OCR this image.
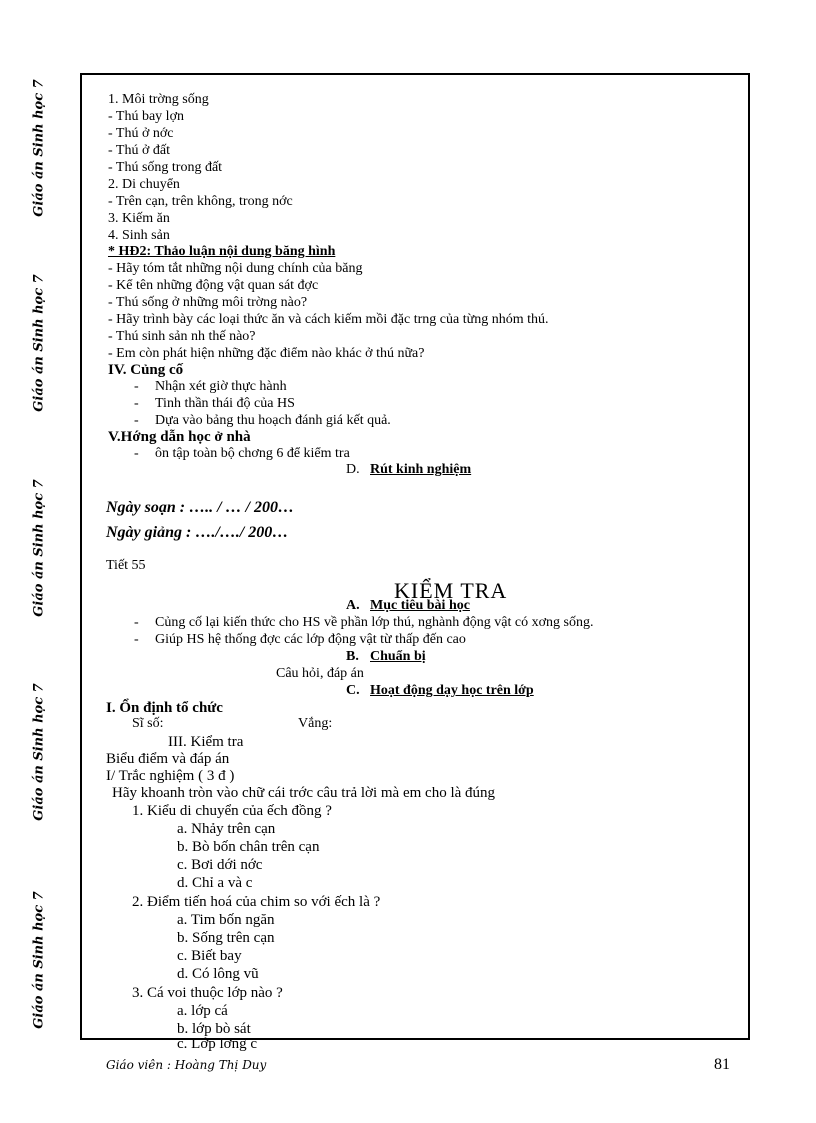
Giáo án Sinh học 7
Giáo án Sinh học 7
Giáo án Sinh học 7
Giáo án Sinh học 7
Giáo án Sinh học 7
1. Môi trờng sống
- Thú bay lợn
- Thú ở nớc
- Thú ở đất
- Thú sống trong đất
2. Di chuyển
- Trên cạn, trên không, trong nớc
3. Kiếm ăn
4. Sinh sản
* HĐ2: Thảo luận nội dung băng hình
- Hãy tóm tắt những nội dung chính của băng
- Kể tên những động vật quan sát đợc
- Thú sống ở những môi trờng nào?
- Hãy trình bày các loại thức ăn và cách kiếm mồi đặc trng của từng nhóm thú.
- Thú sinh sản nh thế nào?
- Em còn phát hiện những đặc điểm nào khác ở thú nữa?
IV. Củng cố
- Nhận xét giờ thực hành
- Tinh thần thái độ của HS
- Dựa vào bảng thu hoạch đánh giá kết quả.
V.Hớng dẫn học ở nhà
- ôn tập toàn bộ chơng 6 để kiểm tra
D. Rút kinh nghiệm
Ngày soạn : ….. / … / 200…
Ngày giảng : …./…./ 200…
Tiết 55
KIỂM TRA
A. Mục tiêu bài học
- Củng cố lại kiến thức cho HS về phần lớp thú, nghành động vật có xơng sống.
- Giúp HS hệ thống đợc các lớp động vật từ thấp đến cao
B. Chuẩn bị
Câu hỏi, đáp án
C. Hoạt động dạy học trên lớp
I. Ổn định tổ chức
Sĩ số:	Vắng:
III. Kiểm tra
Biểu điểm và đáp án
I/ Trắc nghiệm ( 3 đ )
Hãy khoanh tròn vào chữ cái trớc câu trả lời mà em cho là đúng
1. Kiểu di chuyển của ếch đồng ?
a. Nhảy trên cạn
b. Bò bốn chân trên cạn
c. Bơi dới nớc
d. Chỉ a và c
2. Điểm tiến hoá của chim so với ếch là ?
a. Tim bốn ngăn
b. Sống trên cạn
c. Biết bay
d. Có lông vũ
3. Cá voi thuộc lớp nào ?
a. lớp cá
b. lớp bò sát
c. Lớp lỡng c
Giáo viên : Hoàng Thị Duy	81
